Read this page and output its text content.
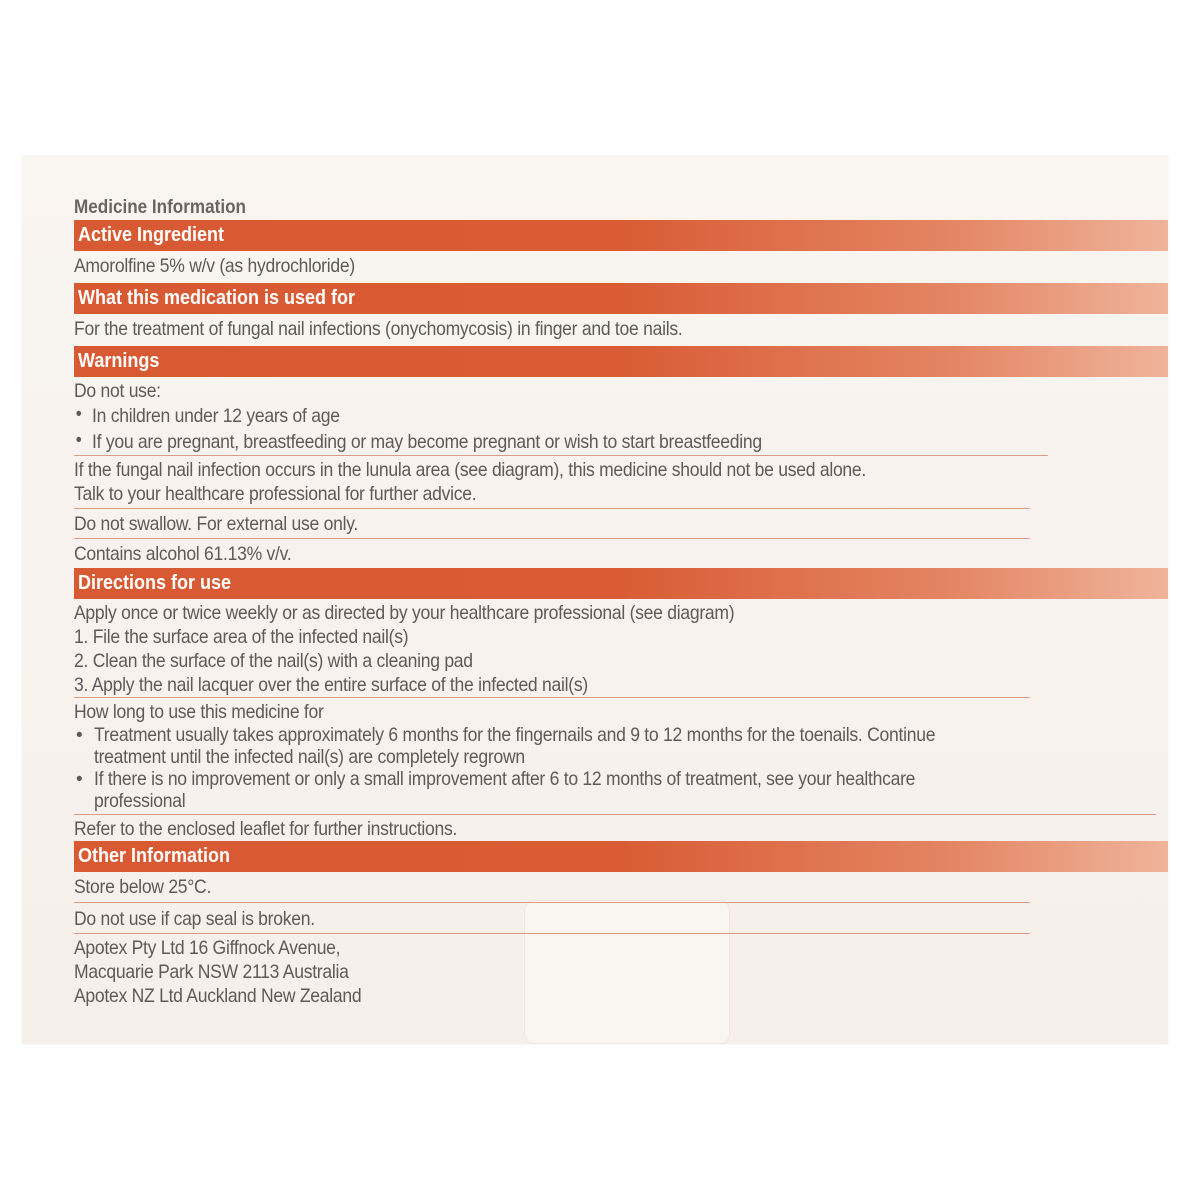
Medicine Information
Active Ingredient
Amorolfine 5% w/v (as hydrochloride)
What this medication is used for
For the treatment of fungal nail infections (onychomycosis) in finger and toe nails.
Warnings
Do not use:
• In children under 12 years of age
• If you are pregnant, breastfeeding or may become pregnant or wish to start breastfeeding
If the fungal nail infection occurs in the lunula area (see diagram), this medicine should not be used alone.
Talk to your healthcare professional for further advice.
Do not swallow. For external use only.
Contains alcohol 61.13% v/v.
Directions for use
Apply once or twice weekly or as directed by your healthcare professional (see diagram)
1. File the surface area of the infected nail(s)
2. Clean the surface of the nail(s) with a cleaning pad
3. Apply the nail lacquer over the entire surface of the infected nail(s)
How long to use this medicine for
• Treatment usually takes approximately 6 months for the fingernails and 9 to 12 months for the toenails. Continue
treatment until the infected nail(s) are completely regrown
• If there is no improvement or only a small improvement after 6 to 12 months of treatment, see your healthcare
professional
Refer to the enclosed leaflet for further instructions.
Other Information
Store below 25°C.
Do not use if cap seal is broken.
Apotex Pty Ltd 16 Giffnock Avenue,
Macquarie Park NSW 2113 Australia
Apotex NZ Ltd Auckland New Zealand
